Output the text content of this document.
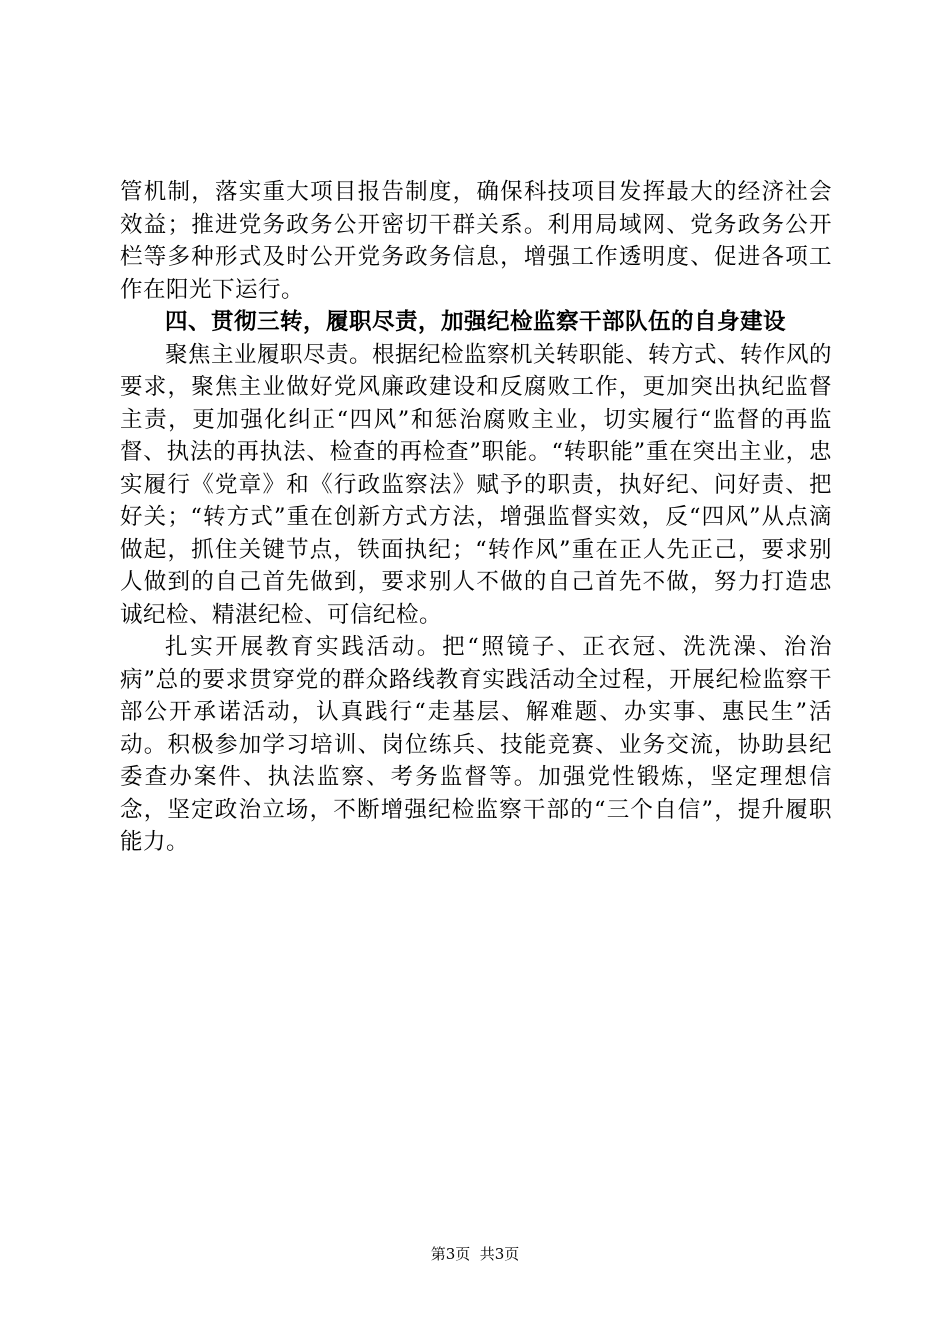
管机制，落实重大项目报告制度，确保科技项目发挥最大的经济社会效益；推进党务政务公开密切干群关系。利用局域网、党务政务公开栏等多种形式及时公开党务政务信息，增强工作透明度、促进各项工作在阳光下运行。

四、贯彻三转，履职尽责，加强纪检监察干部队伍的自身建设

聚焦主业履职尽责。根据纪检监察机关转职能、转方式、转作风的要求，聚焦主业做好党风廉政建设和反腐败工作，更加突出执纪监督主责，更加强化纠正“四风”和惩治腐败主业，切实履行“监督的再监督、执法的再执法、检查的再检查”职能。“转职能”重在突出主业，忠实履行《党章》和《行政监察法》赋予的职责，执好纪、问好责、把好关；“转方式”重在创新方式方法，增强监督实效，反“四风”从点滴做起，抓住关键节点，铁面执纪；“转作风”重在正人先正己，要求别人做到的自己首先做到，要求别人不做的自己首先不做，努力打造忠诚纪检、精湛纪检、可信纪检。

扎实开展教育实践活动。把“照镜子、正衣冠、洗洗澡、治治病”总的要求贯穿党的群众路线教育实践活动全过程，开展纪检监察干部公开承诺活动，认真践行“走基层、解难题、办实事、惠民生”活动。积极参加学习培训、岗位练兵、技能竞赛、业务交流，协助县纪委查办案件、执法监察、考务监督等。加强党性锻炼，坚定理想信念，坚定政治立场，不断增强纪检监察干部的“三个自信”，提升履职能力。

第3页  共3页
